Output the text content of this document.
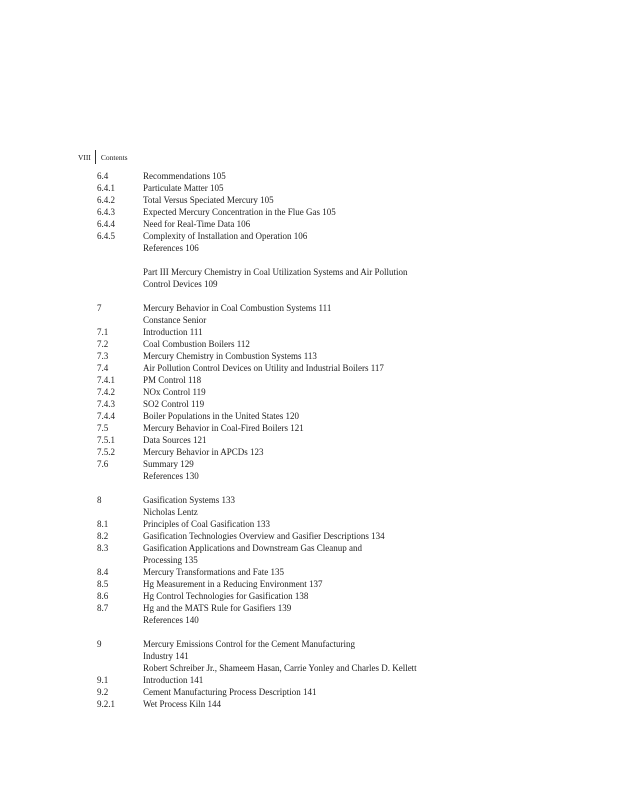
VIII	Contents
6.4	Recommendations 105
6.4.1	Particulate Matter 105
6.4.2	Total Versus Speciated Mercury 105
6.4.3	Expected Mercury Concentration in the Flue Gas 105
6.4.4	Need for Real-Time Data 106
6.4.5	Complexity of Installation and Operation 106
References 106
Part III Mercury Chemistry in Coal Utilization Systems and Air Pollution
Control Devices 109
7	Mercury Behavior in Coal Combustion Systems 111
Constance Senior
7.1	Introduction 111
7.2	Coal Combustion Boilers 112
7.3	Mercury Chemistry in Combustion Systems 113
7.4	Air Pollution Control Devices on Utility and Industrial Boilers 117
7.4.1	PM Control 118
7.4.2	NOx Control 119
7.4.3	SO2 Control 119
7.4.4	Boiler Populations in the United States 120
7.5	Mercury Behavior in Coal-Fired Boilers 121
7.5.1	Data Sources 121
7.5.2	Mercury Behavior in APCDs 123
7.6	Summary 129
References 130
8	Gasification Systems 133
Nicholas Lentz
8.1	Principles of Coal Gasification 133
8.2	Gasification Technologies Overview and Gasifier Descriptions 134
8.3	Gasification Applications and Downstream Gas Cleanup and
Processing 135
8.4	Mercury Transformations and Fate 135
8.5	Hg Measurement in a Reducing Environment 137
8.6	Hg Control Technologies for Gasification 138
8.7	Hg and the MATS Rule for Gasifiers 139
References 140
9	Mercury Emissions Control for the Cement Manufacturing
Industry 141
Robert Schreiber Jr., Shameem Hasan, Carrie Yonley and Charles D. Kellett
9.1	Introduction 141
9.2	Cement Manufacturing Process Description 141
9.2.1	Wet Process Kiln 144
